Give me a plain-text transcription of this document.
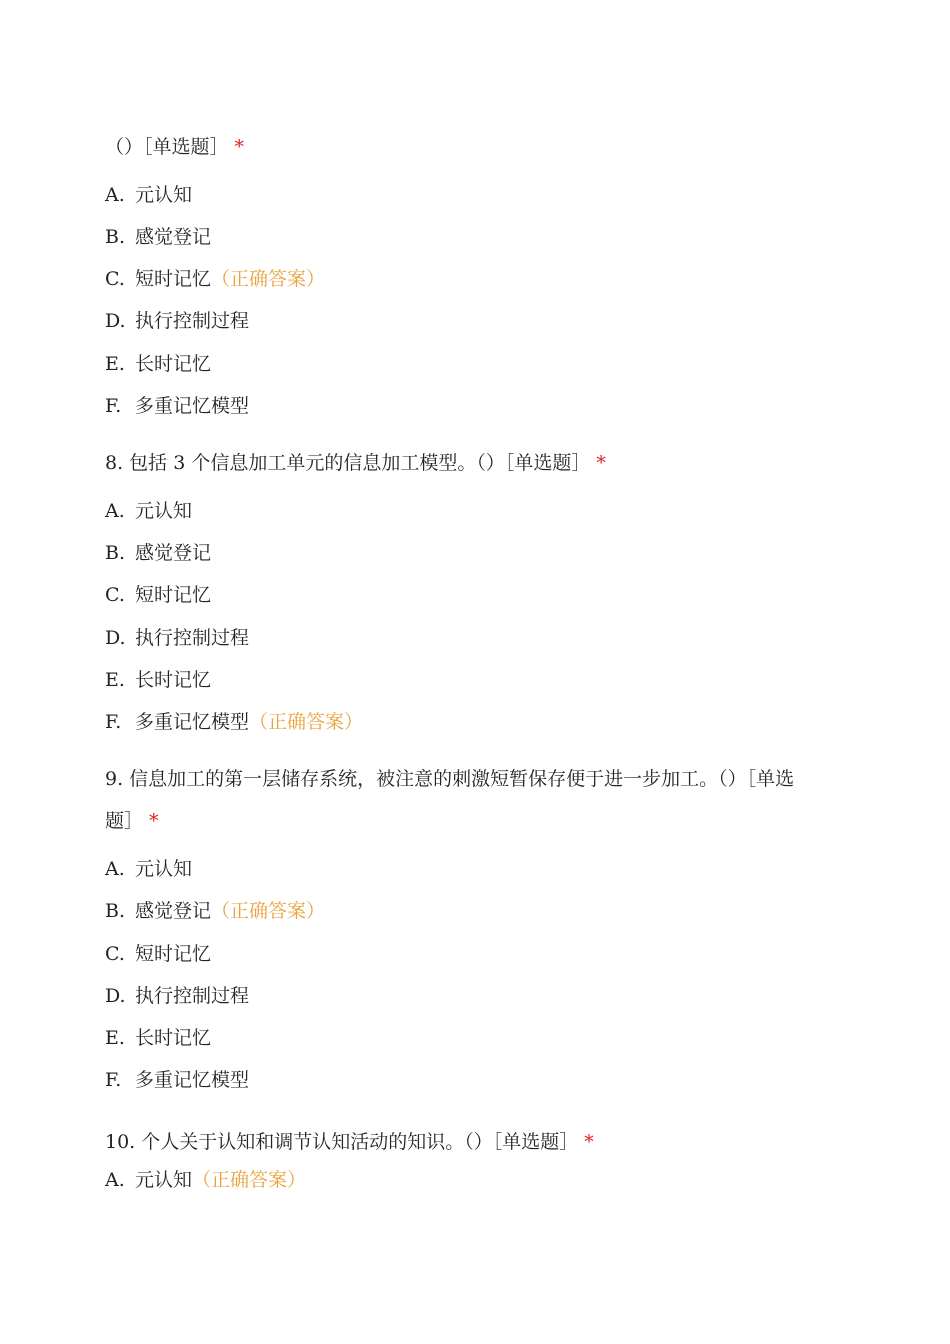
（）［单选题］ *
A. 元认知
B. 感觉登记
C. 短时记忆（正确答案）
D. 执行控制过程
E. 长时记忆
F. 多重记忆模型
8. 包括 3 个信息加工单元的信息加工模型。（）［单选题］ *
A. 元认知
B. 感觉登记
C. 短时记忆
D. 执行控制过程
E. 长时记忆
F. 多重记忆模型（正确答案）
9. 信息加工的第一层储存系统，被注意的刺激短暂保存便于进一步加工。（）［单选
题］ *
A. 元认知
B. 感觉登记（正确答案）
C. 短时记忆
D. 执行控制过程
E. 长时记忆
F. 多重记忆模型
10. 个人关于认知和调节认知活动的知识。（）［单选题］ *
A. 元认知（正确答案）
